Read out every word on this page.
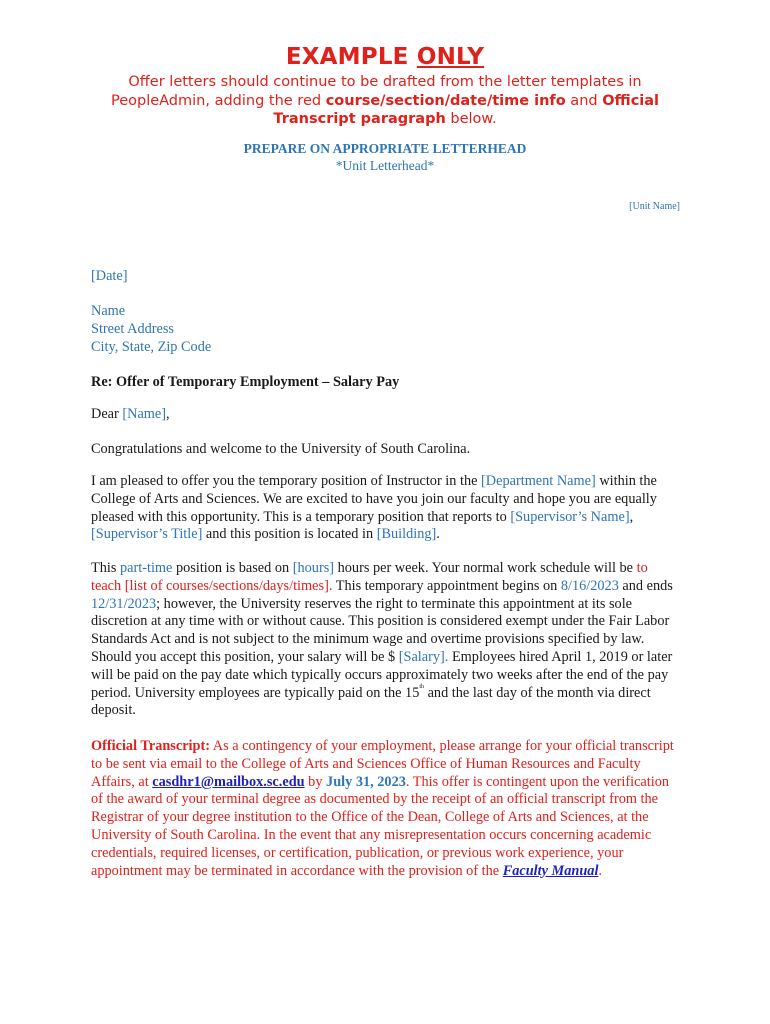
EXAMPLE ONLY
Offer letters should continue to be drafted from the letter templates in PeopleAdmin, adding the red course/section/date/time info and Official Transcript paragraph below.
PREPARE ON APPROPRIATE LETTERHEAD
*Unit Letterhead*
[Unit Name]
[Date]
Name
Street Address
City, State, Zip Code
Re: Offer of Temporary Employment – Salary Pay
Dear [Name],
Congratulations and welcome to the University of South Carolina.
I am pleased to offer you the temporary position of Instructor in the [Department Name] within the College of Arts and Sciences. We are excited to have you join our faculty and hope you are equally pleased with this opportunity. This is a temporary position that reports to [Supervisor’s Name], [Supervisor’s Title] and this position is located in [Building].
This part-time position is based on [hours] hours per week. Your normal work schedule will be to teach [list of courses/sections/days/times]. This temporary appointment begins on 8/16/2023 and ends 12/31/2023; however, the University reserves the right to terminate this appointment at its sole discretion at any time with or without cause. This position is considered exempt under the Fair Labor Standards Act and is not subject to the minimum wage and overtime provisions specified by law. Should you accept this position, your salary will be $ [Salary]. Employees hired April 1, 2019 or later will be paid on the pay date which typically occurs approximately two weeks after the end of the pay period. University employees are typically paid on the 15th and the last day of the month via direct deposit.
Official Transcript: As a contingency of your employment, please arrange for your official transcript to be sent via email to the College of Arts and Sciences Office of Human Resources and Faculty Affairs, at casdhr1@mailbox.sc.edu by July 31, 2023. This offer is contingent upon the verification of the award of your terminal degree as documented by the receipt of an official transcript from the Registrar of your degree institution to the Office of the Dean, College of Arts and Sciences, at the University of South Carolina. In the event that any misrepresentation occurs concerning academic credentials, required licenses, or certification, publication, or previous work experience, your appointment may be terminated in accordance with the provision of the Faculty Manual.
